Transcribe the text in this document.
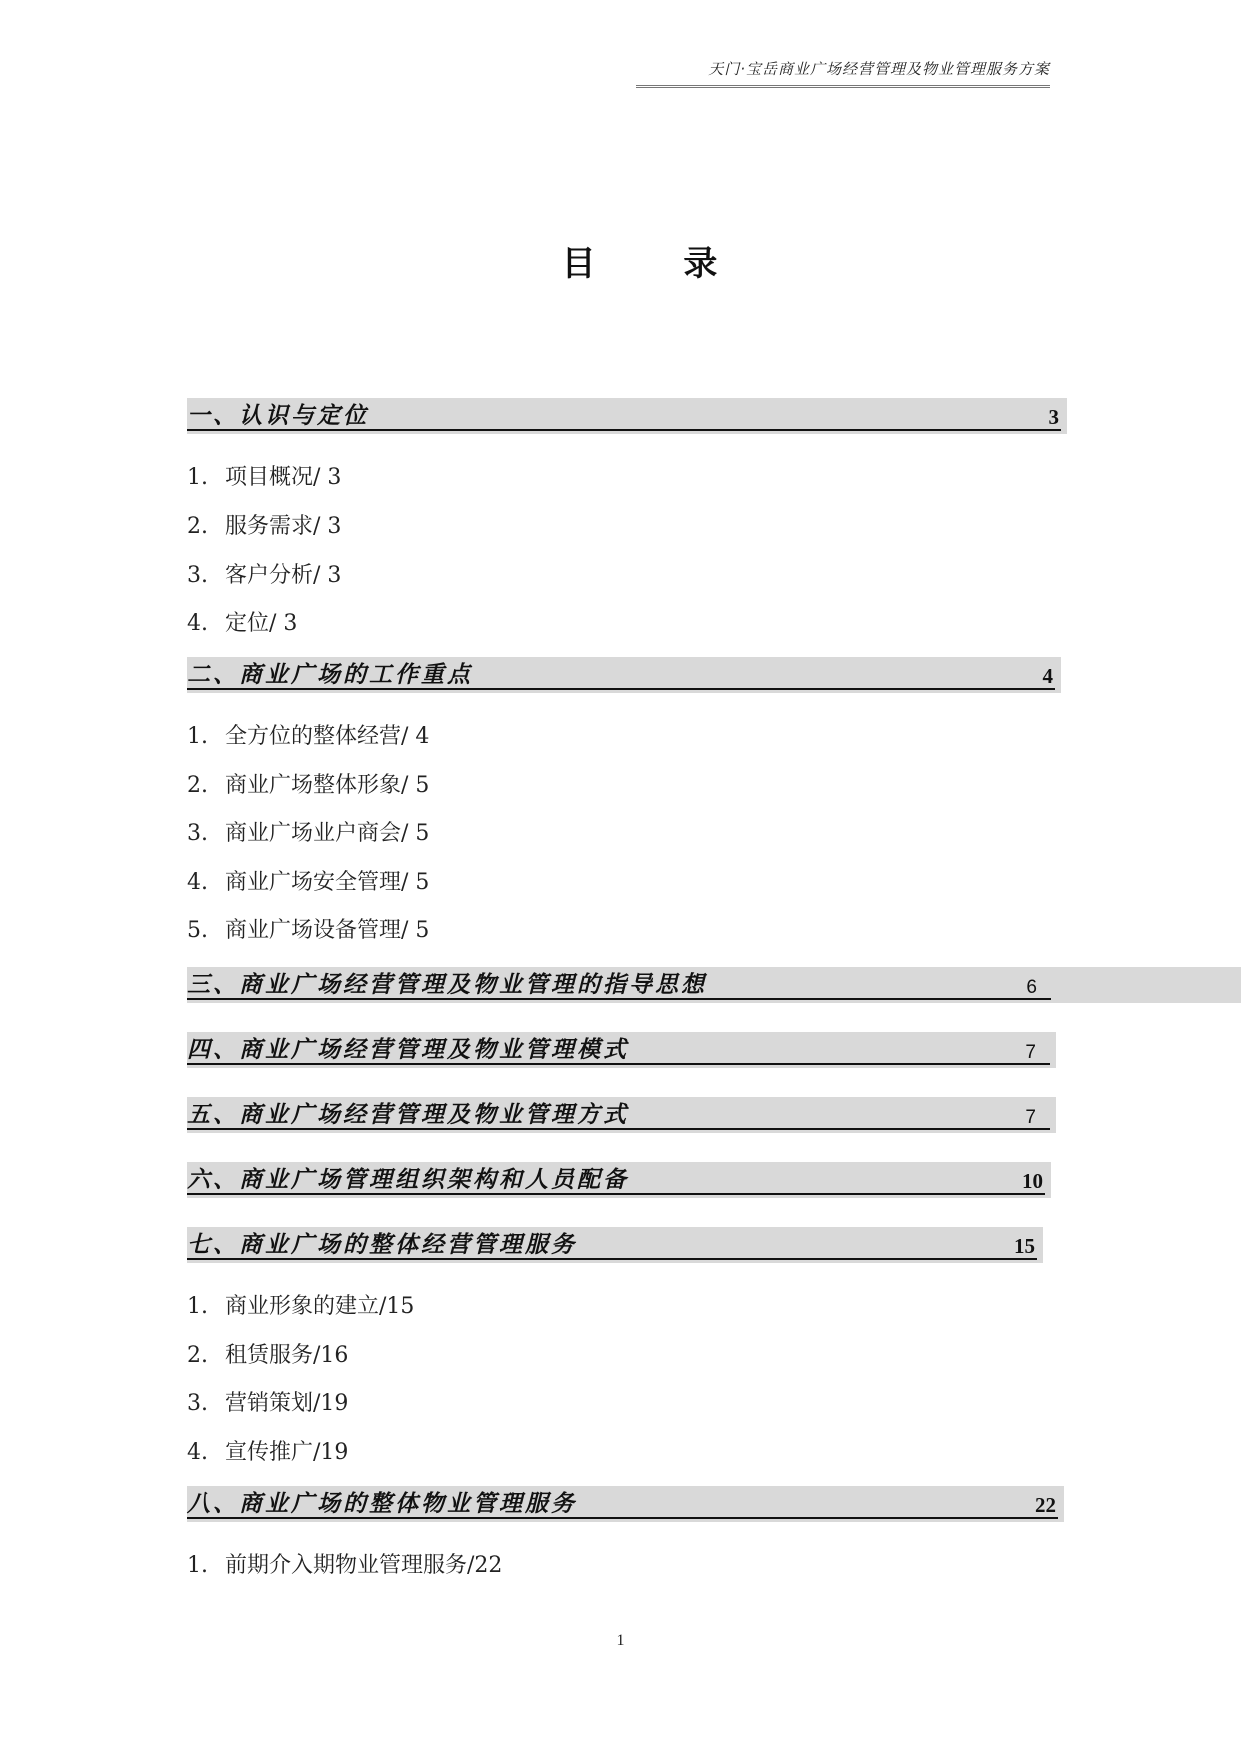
天门·宝岳商业广场经营管理及物业管理服务方案
目 录
一、认识与定位	3
1. 项目概况/ 3
2. 服务需求/ 3
3. 客户分析/ 3
4. 定位/ 3
二、商业广场的工作重点	4
1. 全方位的整体经营/ 4
2. 商业广场整体形象/ 5
3. 商业广场业户商会/ 5
4. 商业广场安全管理/ 5
5. 商业广场设备管理/ 5
三、商业广场经营管理及物业管理的指导思想	6
四、商业广场经营管理及物业管理模式	7
五、商业广场经营管理及物业管理方式	7
六、商业广场管理组织架构和人员配备	10
七、商业广场的整体经营管理服务	15
1. 商业形象的建立/15
2. 租赁服务/16
3. 营销策划/19
4. 宣传推广/19
八、商业广场的整体物业管理服务	22
1. 前期介入期物业管理服务/22
1
